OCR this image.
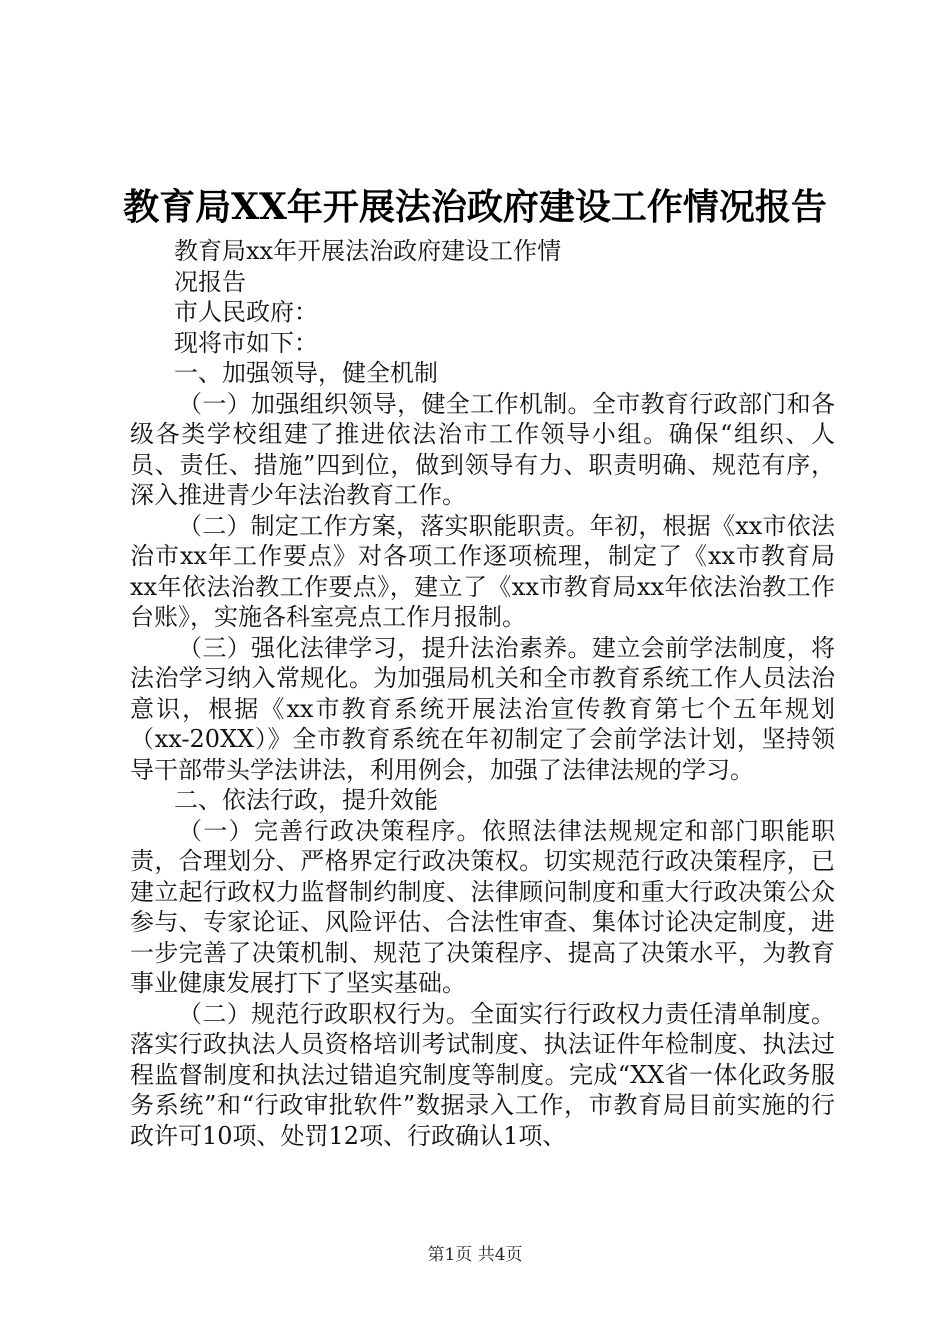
教育局XX年开展法治政府建设工作情况报告
教育局xx年开展法治政府建设工作情
况报告
市人民政府：
现将市如下：
一、加强领导，健全机制

（一）加强组织领导，健全工作机制。全市教育行政部门和各级各类学校组建了推进依法治市工作领导小组。确保“组织、人员、责任、措施”四到位，做到领导有力、职责明确、规范有序，深入推进青少年法治教育工作。

（二）制定工作方案，落实职能职责。年初，根据《xx市依法治市xx年工作要点》对各项工作逐项梳理，制定了《xx市教育局xx年依法治教工作要点》，建立了《xx市教育局xx年依法治教工作台账》，实施各科室亮点工作月报制。

（三）强化法律学习，提升法治素养。建立会前学法制度，将法治学习纳入常规化。为加强局机关和全市教育系统工作人员法治意识，根据《xx市教育系统开展法治宣传教育第七个五年规划（xx-20XX）》全市教育系统在年初制定了会前学法计划，坚持领导干部带头学法讲法，利用例会，加强了法律法规的学习。

二、依法行政，提升效能

（一）完善行政决策程序。依照法律法规规定和部门职能职责，合理划分、严格界定行政决策权。切实规范行政决策程序，已建立起行政权力监督制约制度、法律顾问制度和重大行政决策公众参与、专家论证、风险评估、合法性审查、集体讨论决定制度，进一步完善了决策机制、规范了决策程序、提高了决策水平，为教育事业健康发展打下了坚实基础。

（二）规范行政职权行为。全面实行行政权力责任清单制度。落实行政执法人员资格培训考试制度、执法证件年检制度、执法过程监督制度和执法过错追究制度等制度。完成“XX省一体化政务服务系统”和“行政审批软件”数据录入工作，市教育局目前实施的行政许可10项、处罚12项、行政确认1项、

第1页 共4页
